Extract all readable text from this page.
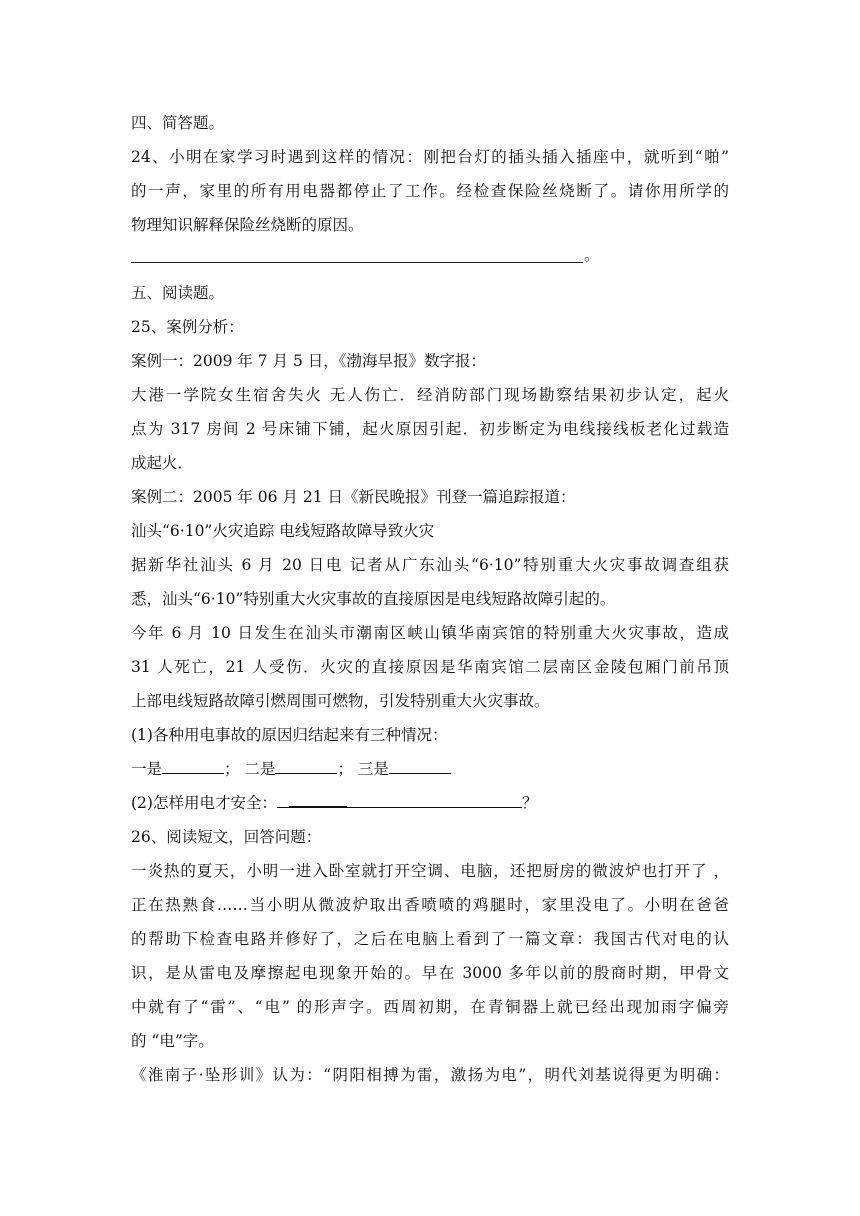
四、简答题。
24、小明在家学习时遇到这样的情况：刚把台灯的插头插入插座中，就听到“啪”
的一声，家里的所有用电器都停止了工作。经检查保险丝烧断了。请你用所学的
物理知识解释保险丝烧断的原因。
。
五、阅读题。
25、案例分析：
案例一：2009 年 7 月 5 日，《渤海早报》数字报：
大港一学院女生宿舍失火 无人伤亡．经消防部门现场勘察结果初步认定，起火
点为 317 房间 2 号床铺下铺，起火原因引起．初步断定为电线接线板老化过载造
成起火．
案例二：2005 年 06 月 21 日《新民晚报》刊登一篇追踪报道：
汕头“6·10”火灾追踪 电线短路故障导致火灾
据新华社汕头 6 月 20 日电 记者从广东汕头“6·10”特别重大火灾事故调查组获
悉，汕头“6·10”特别重大火灾事故的直接原因是电线短路故障引起的。
今年 6 月 10 日发生在汕头市潮南区峡山镇华南宾馆的特别重大火灾事故，造成
31 人死亡，21 人受伤．火灾的直接原因是华南宾馆二层南区金陵包厢门前吊顶
上部电线短路故障引燃周围可燃物，引发特别重大火灾事故。
(1)各种用电事故的原因归结起来有三种情况：
一是	； 二是	； 三是
(2)怎样用电才安全：	？
26、阅读短文，回答问题：
一炎热的夏天，小明一进入卧室就打开空调、电脑，还把厨房的微波炉也打开了 ，
正在热熟食……当小明从微波炉取出香喷喷的鸡腿时，家里没电了。小明在爸爸
的帮助下检查电路并修好了，之后在电脑上看到了一篇文章：我国古代对电的认
识，是从雷电及摩擦起电现象开始的。早在 3000 多年以前的殷商时期，甲骨文
中就有了“雷”、“电” 的形声字。西周初期，在青铜器上就已经出现加雨字偏旁
的 “电”字。
《淮南子·坠形训》认为：“阴阳相搏为雷，激扬为电”，明代刘基说得更为明确：
